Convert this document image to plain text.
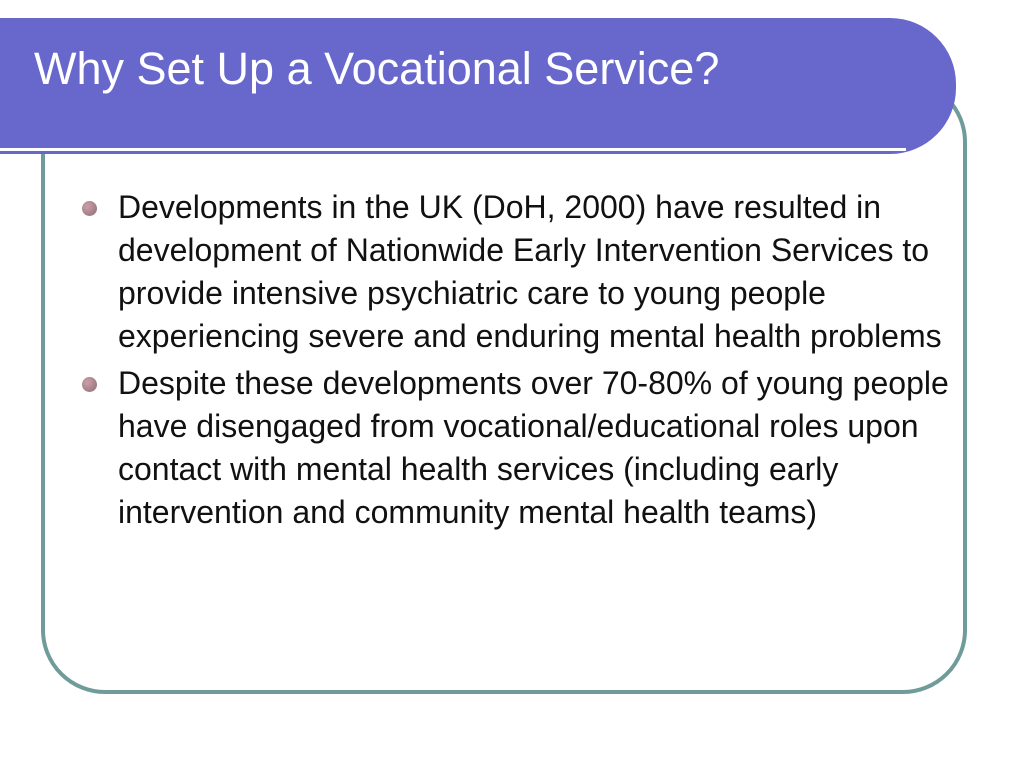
Why Set Up a Vocational Service?
Developments in the UK (DoH, 2000) have resulted in development of Nationwide Early Intervention Services to provide intensive psychiatric care to young people experiencing severe and enduring mental health problems
Despite these developments over 70-80% of young people have disengaged from vocational/educational roles upon contact with mental health services (including early intervention and community mental health teams)
